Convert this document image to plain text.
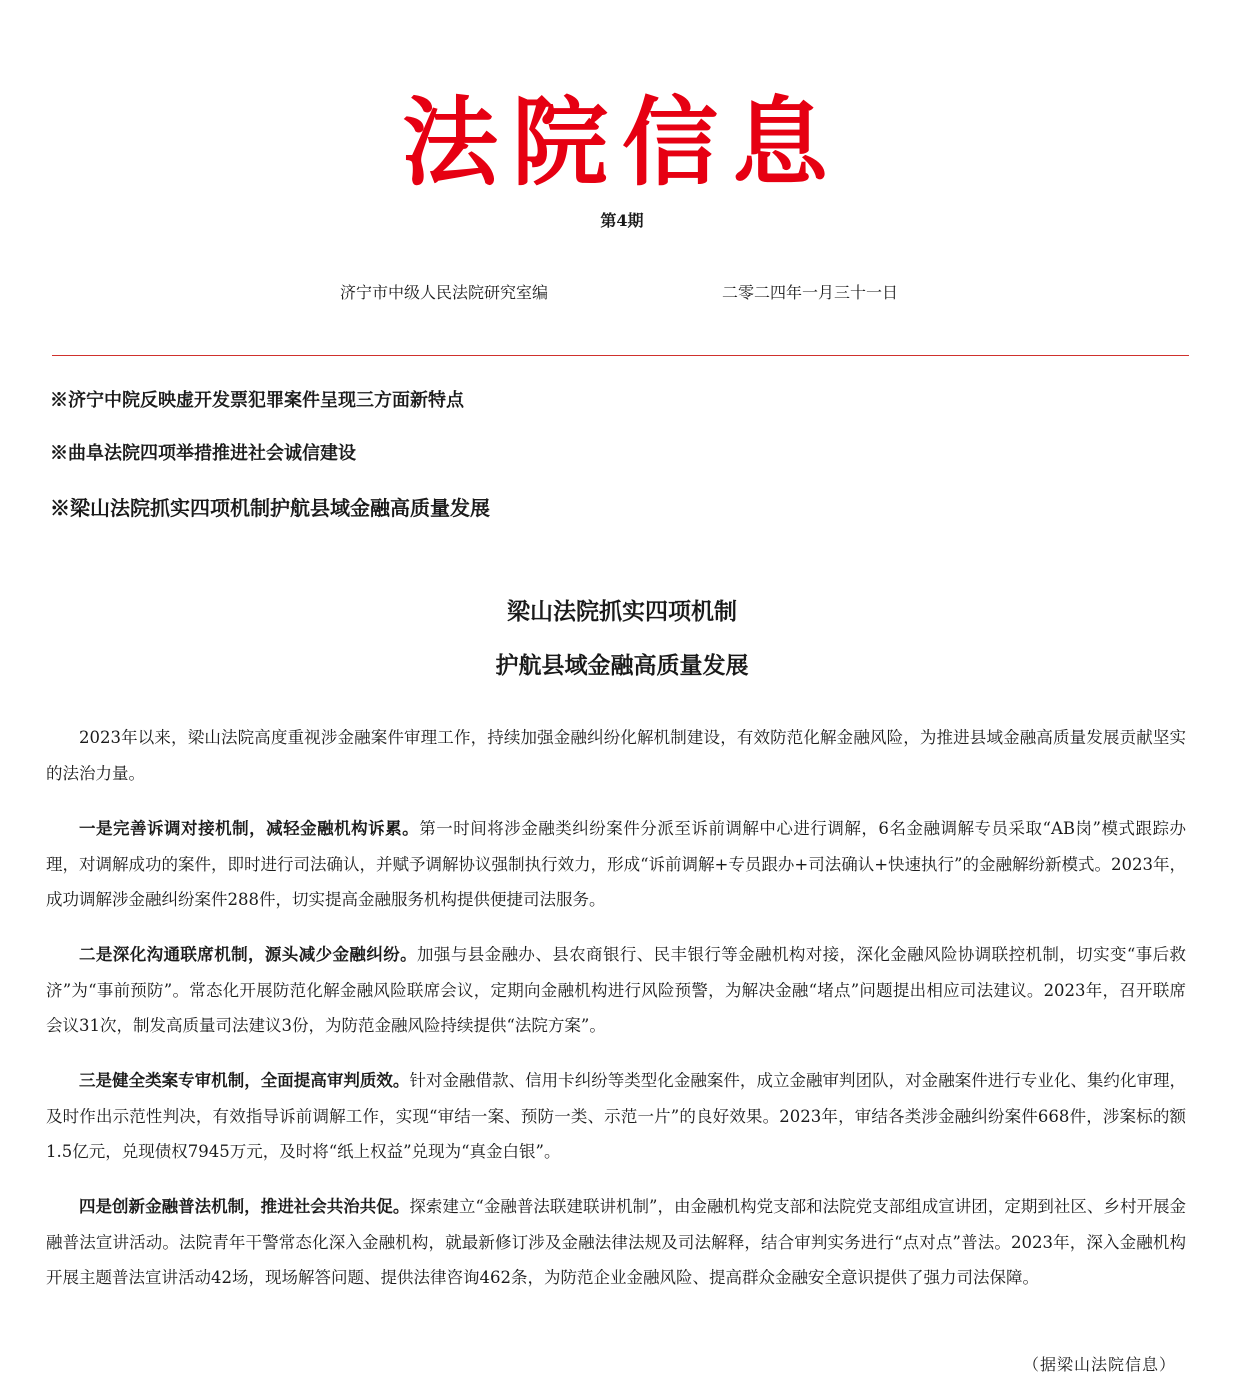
法院信息
第4期
济宁市中级人民法院研究室编	二零二四年一月三十一日
※济宁中院反映虚开发票犯罪案件呈现三方面新特点
※曲阜法院四项举措推进社会诚信建设
※梁山法院抓实四项机制护航县域金融高质量发展
梁山法院抓实四项机制
护航县域金融高质量发展

2023年以来，梁山法院高度重视涉金融案件审理工作，持续加强金融纠纷化解机制建设，有效防范化解金融风险，为推进县域金融高质量发展贡献坚实的法治力量。

一是完善诉调对接机制，减轻金融机构诉累。第一时间将涉金融类纠纷案件分派至诉前调解中心进行调解，6名金融调解专员采取“AB岗”模式跟踪办理，对调解成功的案件，即时进行司法确认，并赋予调解协议强制执行效力，形成“诉前调解+专员跟办+司法确认+快速执行”的金融解纷新模式。2023年，成功调解涉金融纠纷案件288件，切实提高金融服务机构提供便捷司法服务。

二是深化沟通联席机制，源头减少金融纠纷。加强与县金融办、县农商银行、民丰银行等金融机构对接，深化金融风险协调联控机制，切实变“事后救济”为“事前预防”。常态化开展防范化解金融风险联席会议，定期向金融机构进行风险预警，为解决金融“堵点”问题提出相应司法建议。2023年，召开联席会议31次，制发高质量司法建议3份，为防范金融风险持续提供“法院方案”。

三是健全类案专审机制，全面提高审判质效。针对金融借款、信用卡纠纷等类型化金融案件，成立金融审判团队，对金融案件进行专业化、集约化审理，及时作出示范性判决，有效指导诉前调解工作，实现“审结一案、预防一类、示范一片”的良好效果。2023年，审结各类涉金融纠纷案件668件，涉案标的额1.5亿元，兑现债权7945万元，及时将“纸上权益”兑现为“真金白银”。

四是创新金融普法机制，推进社会共治共促。探索建立“金融普法联建联讲机制”，由金融机构党支部和法院党支部组成宣讲团，定期到社区、乡村开展金融普法宣讲活动。法院青年干警常态化深入金融机构，就最新修订涉及金融法律法规及司法解释，结合审判实务进行“点对点”普法。2023年，深入金融机构开展主题普法宣讲活动42场，现场解答问题、提供法律咨询462条，为防范企业金融风险、提高群众金融安全意识提供了强力司法保障。

（据梁山法院信息）
